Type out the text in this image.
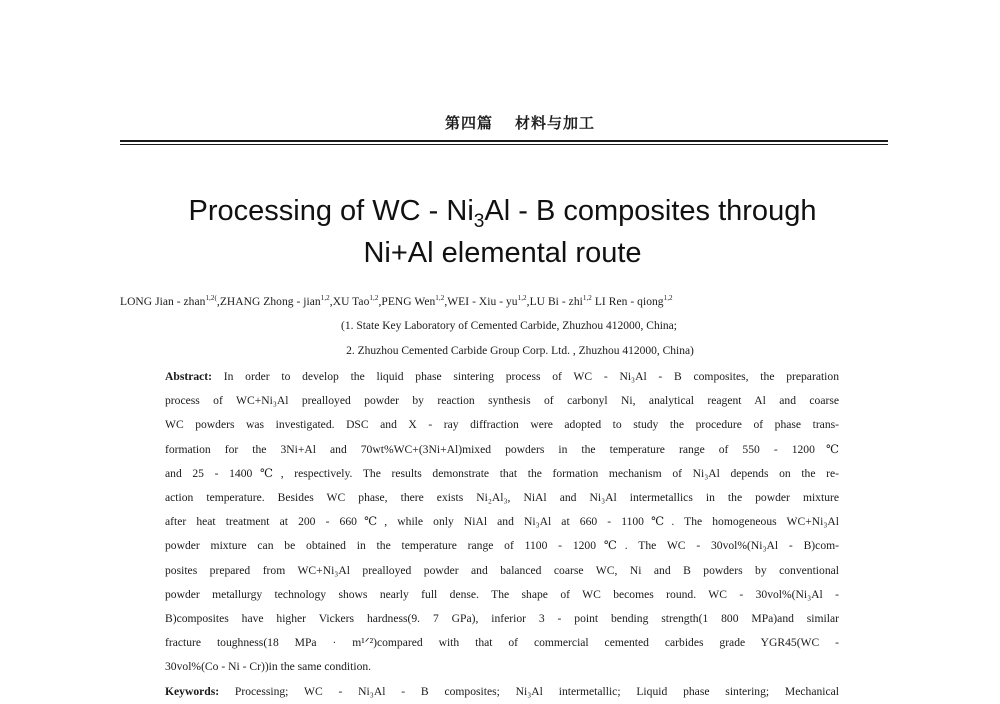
第四篇 材料与加工
Processing of WC - $Ni_3Al$ - B composites through
Ni+Al elemental route
LONG Jian - zhan$^{1,2(}$,ZHANG Zhong - jian$^{1,2}$,XU Tao$^{1,2}$,PENG Wen$^{1,2}$,WEI - Xiu - yu$^{1,2}$,LU Bi - zhi$^{1,2}$ LI Ren - qiong$^{1,2}$
(1. State Key Laboratory of Cemented Carbide, Zhuzhou 412000, China;
2. Zhuzhou Cemented Carbide Group Corp. Ltd. , Zhuzhou 412000, China)
Abstract: In order to develop the liquid phase sintering process of WC - Ni₃Al - B composites, the preparation
process of WC+Ni₃Al prealloyed powder by reaction synthesis of carbonyl Ni, analytical reagent Al and coarse
WC powders was investigated. DSC and X - ray diffraction were adopted to study the procedure of phase trans-
formation for the 3Ni+Al and 70wt%WC+(3Ni+Al)mixed powders in the temperature range of 550 - 1200℃
and 25 - 1400℃, respectively. The results demonstrate that the formation mechanism of Ni₃Al depends on the re-
action temperature. Besides WC phase, there exists Ni₂Al₃, NiAl and Ni₃Al intermetallics in the powder mixture
after heat treatment at 200 - 660℃, while only NiAl and Ni₃Al at 660 - 1100℃. The homogeneous WC+Ni₃Al
powder mixture can be obtained in the temperature range of 1100 - 1200℃. The WC - 30vol%(Ni₃Al - B)com-
posites prepared from WC+Ni₃Al prealloyed powder and balanced coarse WC, Ni and B powders by conventional
powder metallurgy technology shows nearly full dense. The shape of WC becomes round. WC - 30vol%(Ni₃Al -
B)composites have higher Vickers hardness(9. 7 GPa), inferior 3 - point bending strength(1 800 MPa)and similar
fracture toughness(18 MPa · m¹ᐟ²)compared with that of commercial cemented carbides grade YGR45(WC -
30vol%(Co - Ni - Cr))in the same condition.
Keywords: Processing; WC - Ni₃Al - B composites; Ni₃Al intermetallic; Liquid phase sintering; Mechanical
